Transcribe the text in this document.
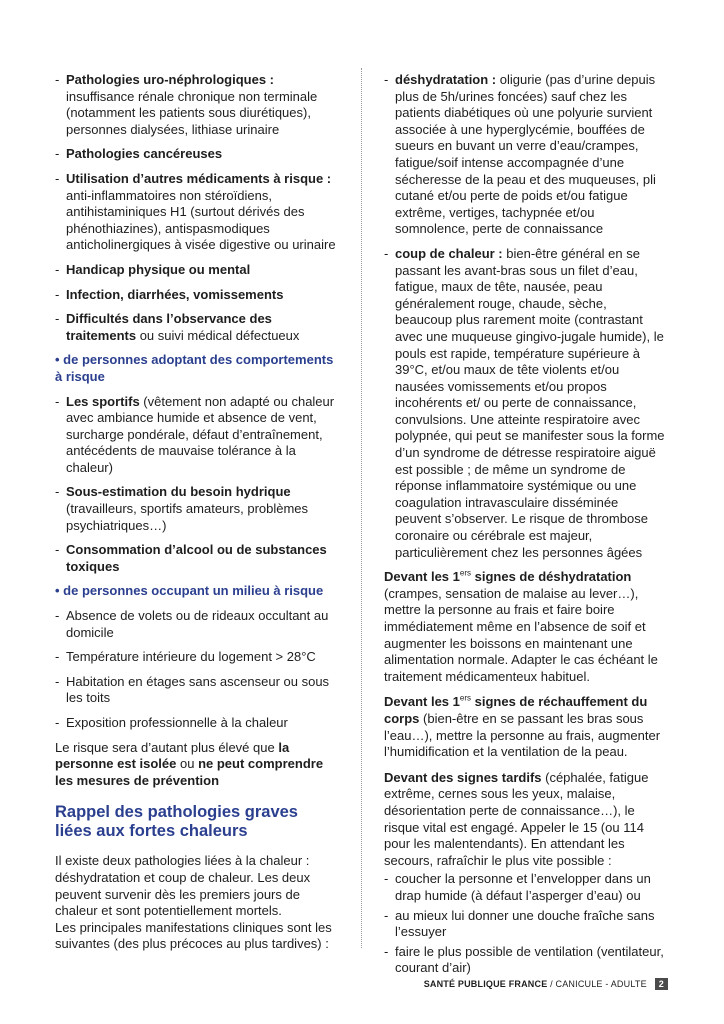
- Pathologies uro-néphrologiques : insuffisance rénale chronique non terminale (notamment les patients sous diurétiques), personnes dialysées, lithiase urinaire
- Pathologies cancéreuses
- Utilisation d’autres médicaments à risque : anti-inflammatoires non stéroïdiens, antihistaminiques H1 (surtout dérivés des phénothiazines), antispasmodiques anticholinergiques à visée digestive ou urinaire
- Handicap physique ou mental
- Infection, diarrhées, vomissements
- Difficultés dans l’observance des traitements ou suivi médical défectueux
• de personnes adoptant des comportements à risque
- Les sportifs (vêtement non adapté ou chaleur avec ambiance humide et absence de vent, surcharge pondérale, défaut d’entraînement, antécédents de mauvaise tolérance à la chaleur)
- Sous-estimation du besoin hydrique (travailleurs, sportifs amateurs, problèmes psychiatriques…)
- Consommation d’alcool ou de substances toxiques
• de personnes occupant un milieu à risque
- Absence de volets ou de rideaux occultant au domicile
- Température intérieure du logement > 28°C
- Habitation en étages sans ascenseur ou sous les toits
- Exposition professionnelle à la chaleur
Le risque sera d’autant plus élevé que la personne est isolée ou ne peut comprendre les mesures de prévention
Rappel des pathologies graves liées aux fortes chaleurs
Il existe deux pathologies liées à la chaleur : déshydratation et coup de chaleur. Les deux peuvent survenir dès les premiers jours de chaleur et sont potentiellement mortels.
Les principales manifestations cliniques sont les suivantes (des plus précoces au plus tardives) :
- déshydratation : oligurie (pas d’urine depuis plus de 5h/urines foncées) sauf chez les patients diabétiques où une polyurie survient associée à une hyperglycémie, bouffées de sueurs en buvant un verre d’eau/crampes, fatigue/soif intense accompagnée d’une sécheresse de la peau et des muqueuses, pli cutané et/ou perte de poids et/ou fatigue extrême, vertiges, tachypnée et/ou somnolence, perte de connaissance
- coup de chaleur : bien-être général en se passant les avant-bras sous un filet d’eau, fatigue, maux de tête, nausée, peau généralement rouge, chaude, sèche, beaucoup plus rarement moite (contrastant avec une muqueuse gingivo-jugale humide), le pouls est rapide, température supérieure à 39°C, et/ou maux de tête violents et/ou nausées vomissements et/ou propos incohérents et/ ou perte de connaissance, convulsions. Une atteinte respiratoire avec polypnée, qui peut se manifester sous la forme d’un syndrome de détresse respiratoire aiguë est possible ; de même un syndrome de réponse inflammatoire systémique ou une coagulation intravasculaire disséminée peuvent s’observer. Le risque de thrombose coronaire ou cérébrale est majeur, particulièrement chez les personnes âgées
Devant les 1ers signes de déshydratation (crampes, sensation de malaise au lever…), mettre la personne au frais et faire boire immédiatement même en l’absence de soif et augmenter les boissons en maintenant une alimentation normale. Adapter le cas échéant le traitement médicamenteux habituel.
Devant les 1ers signes de réchauffement du corps (bien-être en se passant les bras sous l’eau…), mettre la personne au frais, augmenter l’humidification et la ventilation de la peau.
Devant des signes tardifs (céphalée, fatigue extrême, cernes sous les yeux, malaise, désorientation perte de connaissance…), le risque vital est engagé. Appeler le 15 (ou 114 pour les malentendants). En attendant les secours, rafraîchir le plus vite possible :
- coucher la personne et l’envelopper dans un drap humide (à défaut l’asperger d’eau) ou
- au mieux lui donner une douche fraîche sans l’essuyer
- faire le plus possible de ventilation (ventilateur, courant d’air)
SANTÉ PUBLIQUE FRANCE / CANICULE - ADULTE 2
